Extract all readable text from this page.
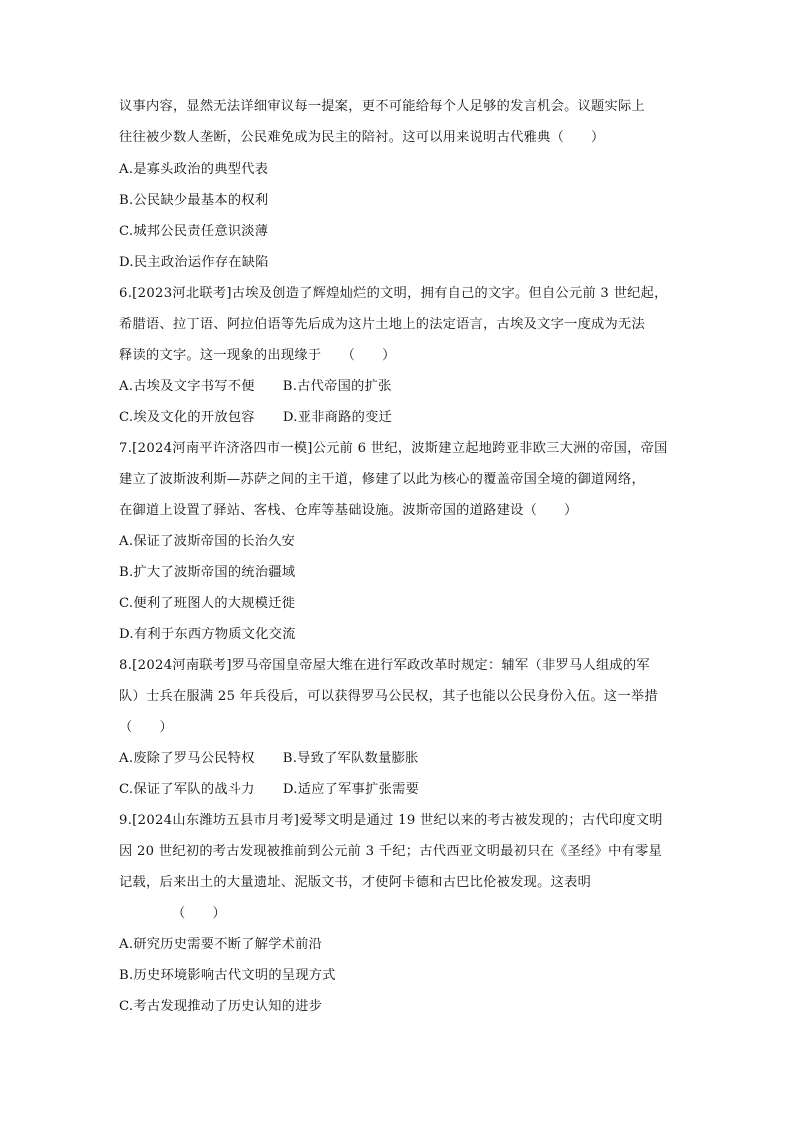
议事内容，显然无法详细审议每一提案，更不可能给每个人足够的发言机会。议题实际上
往往被少数人垄断，公民难免成为民主的陪衬。这可以用来说明古代雅典（　　）
A.是寡头政治的典型代表
B.公民缺少最基本的权利
C.城邦公民责任意识淡薄
D.民主政治运作存在缺陷
6.[2023河北联考]古埃及创造了辉煌灿烂的文明，拥有自己的文字。但自公元前 3 世纪起，
希腊语、拉丁语、阿拉伯语等先后成为这片土地上的法定语言，古埃及文字一度成为无法
释读的文字。这一现象的出现缘于　　（　　）
A.古埃及文字书写不便 B.古代帝国的扩张
C.埃及文化的开放包容 D.亚非商路的变迁
7.[2024河南平许济洛四市一模]公元前 6 世纪，波斯建立起地跨亚非欧三大洲的帝国，帝国
建立了波斯波利斯—苏萨之间的主干道，修建了以此为核心的覆盖帝国全境的御道网络，
在御道上设置了驿站、客栈、仓库等基础设施。波斯帝国的道路建设（　　）
A.保证了波斯帝国的长治久安
B.扩大了波斯帝国的统治疆域
C.便利了班图人的大规模迁徙
D.有利于东西方物质文化交流
8.[2024河南联考]罗马帝国皇帝屋大维在进行军政改革时规定：辅军（非罗马人组成的军
队）士兵在服满 25 年兵役后，可以获得罗马公民权，其子也能以公民身份入伍。这一举措
（　　）
A.废除了罗马公民特权 B.导致了军队数量膨胀
C.保证了军队的战斗力 D.适应了军事扩张需要
9.[2024山东潍坊五县市月考]爱琴文明是通过 19 世纪以来的考古被发现的；古代印度文明
因 20 世纪初的考古发现被推前到公元前 3 千纪；古代西亚文明最初只在《圣经》中有零星
记载，后来出土的大量遗址、泥版文书，才使阿卡德和古巴比伦被发现。这表明
（　　）
A.研究历史需要不断了解学术前沿
B.历史环境影响古代文明的呈现方式
C.考古发现推动了历史认知的进步
